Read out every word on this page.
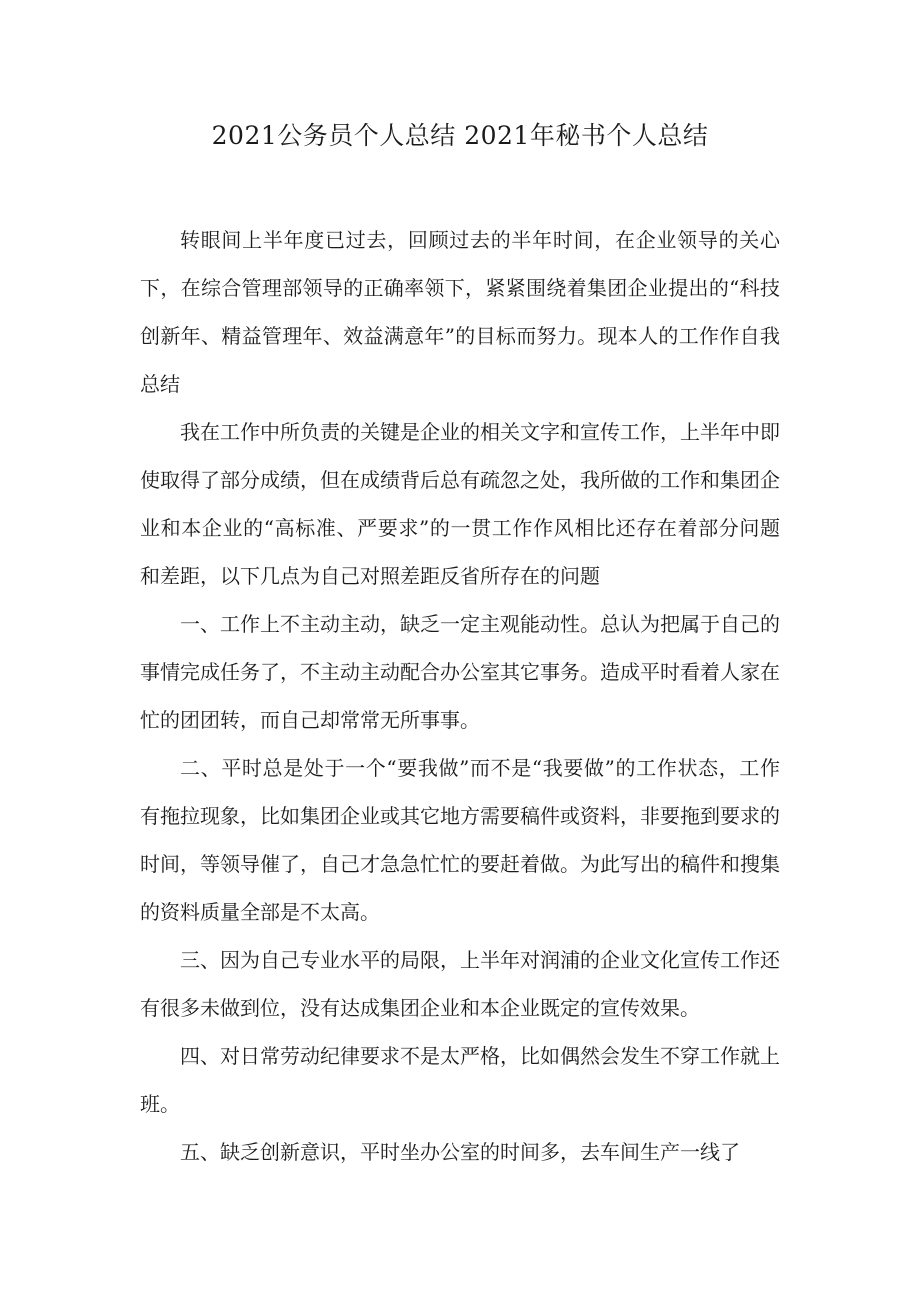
2021公务员个人总结 2021年秘书个人总结

转眼间上半年度已过去，回顾过去的半年时间，在企业领导的关心下，在综合管理部领导的正确率领下，紧紧围绕着集团企业提出的“科技创新年、精益管理年、效益满意年”的目标而努力。现本人的工作作自我总结

我在工作中所负责的关键是企业的相关文字和宣传工作，上半年中即使取得了部分成绩，但在成绩背后总有疏忽之处，我所做的工作和集团企业和本企业的“高标准、严要求”的一贯工作作风相比还存在着部分问题和差距，以下几点为自己对照差距反省所存在的问题

一、工作上不主动主动，缺乏一定主观能动性。总认为把属于自己的事情完成任务了，不主动主动配合办公室其它事务。造成平时看着人家在忙的团团转，而自己却常常无所事事。

二、平时总是处于一个“要我做”而不是“我要做”的工作状态，工作有拖拉现象，比如集团企业或其它地方需要稿件或资料，非要拖到要求的时间，等领导催了，自己才急急忙忙的要赶着做。为此写出的稿件和搜集的资料质量全部是不太高。

三、因为自己专业水平的局限，上半年对润浦的企业文化宣传工作还有很多未做到位，没有达成集团企业和本企业既定的宣传效果。

四、对日常劳动纪律要求不是太严格，比如偶然会发生不穿工作就上班。

五、缺乏创新意识，平时坐办公室的时间多，去车间生产一线了
